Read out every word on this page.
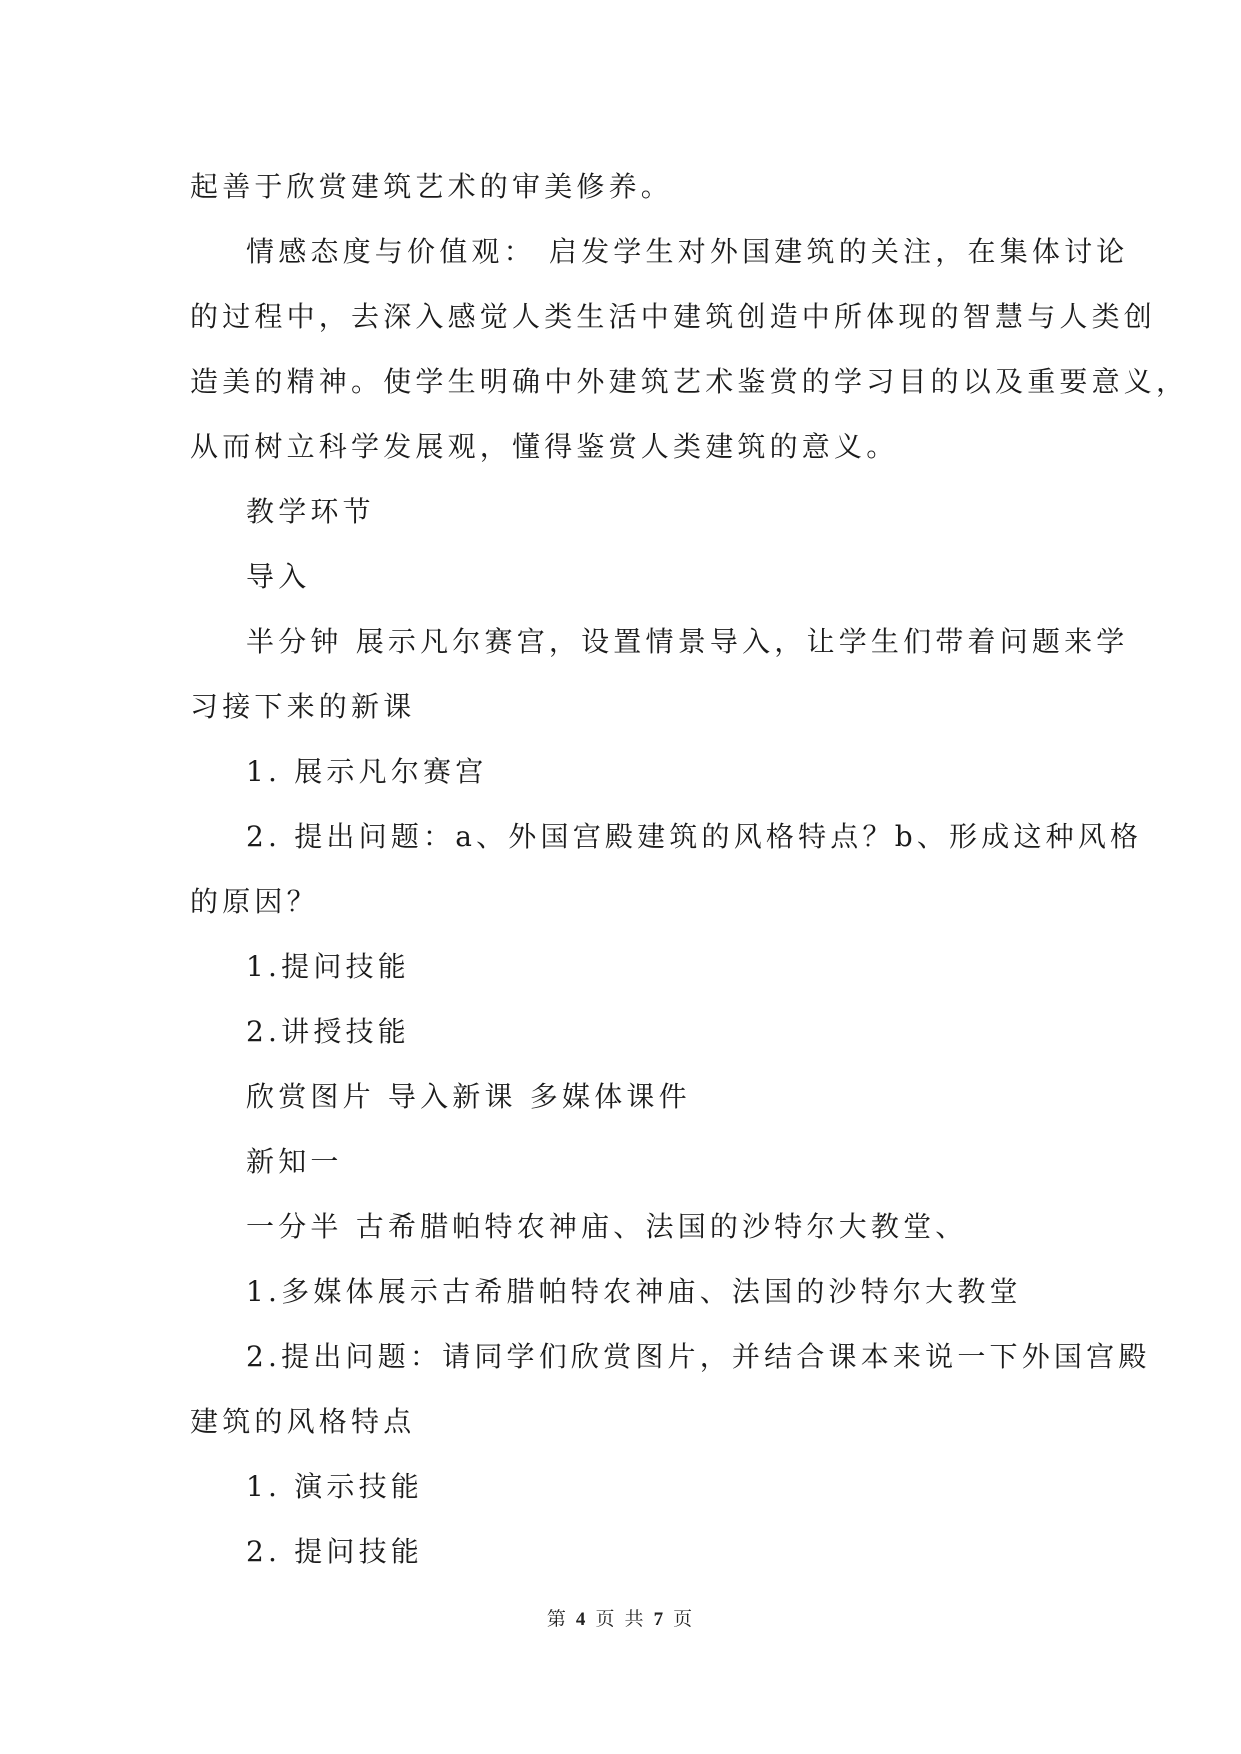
起善于欣赏建筑艺术的审美修养。
情感态度与价值观： 启发学生对外国建筑的关注，在集体讨论
的过程中，去深入感觉人类生活中建筑创造中所体现的智慧与人类创
造美的精神。使学生明确中外建筑艺术鉴赏的学习目的以及重要意义，
从而树立科学发展观，懂得鉴赏人类建筑的意义。
教学环节
导入
半分钟 展示凡尔赛宫，设置情景导入，让学生们带着问题来学
习接下来的新课
1. 展示凡尔赛宫
2. 提出问题：a、外国宫殿建筑的风格特点？b、形成这种风格
的原因？
1.提问技能
2.讲授技能
欣赏图片 导入新课 多媒体课件
新知一
一分半 古希腊帕特农神庙、法国的沙特尔大教堂、
1.多媒体展示古希腊帕特农神庙、法国的沙特尔大教堂
2.提出问题：请同学们欣赏图片，并结合课本来说一下外国宫殿
建筑的风格特点
1. 演示技能
2. 提问技能
第 4 页 共 7 页
